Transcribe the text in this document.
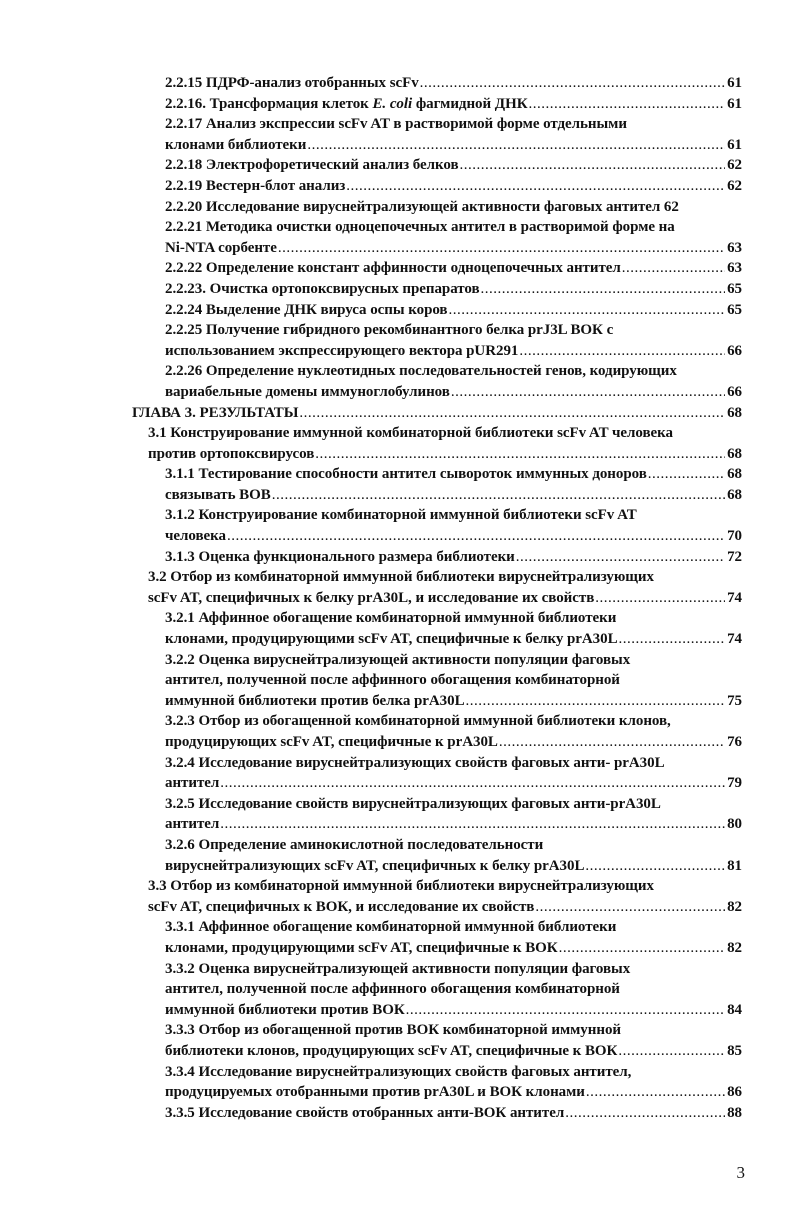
2.2.15 ПДРФ-анализ отобранных scFv .....	61
2.2.16. Трансформация клеток E. coli фагмидной ДНК .....	61
2.2.17 Анализ экспрессии scFv AT в растворимой форме отдельными
клонами библиотеки .....	61
2.2.18 Электрофоретический анализ белков .....	62
2.2.19 Вестерн-блот анализ .....	62
2.2.20 Исследование вируснейтрализующей активности фаговых антител 62
2.2.21 Методика очистки одноцепочечных антител в растворимой форме на
Ni-NTA сорбенте .....	63
2.2.22 Определение констант аффинности одноцепочечных антител .....	63
2.2.23. Очистка ортопоксвирусных препаратов .....	65
2.2.24 Выделение ДНК вируса оспы коров .....	65
2.2.25 Получение гибридного рекомбинантного белка prJ3L ВОК с
использованием экспрессирующего вектора pUR291 .....	66
2.2.26 Определение нуклеотидных последовательностей генов, кодирующих
вариабельные домены иммуноглобулинов .....	66
ГЛАВА 3. РЕЗУЛЬТАТЫ .....	68
3.1 Конструирование иммунной комбинаторной библиотеки scFv AT человека
против ортопоксвирусов .....	68
3.1.1 Тестирование способности антител сывороток иммунных доноров .....	68
связывать ВОВ .....	68
3.1.2 Конструирование комбинаторной иммунной библиотеки scFv AT
человека .....	70
3.1.3 Оценка функционального размера библиотеки .....	72
3.2 Отбор из комбинаторной иммунной библиотеки вируснейтрализующих
scFv AT, специфичных к белку prA30L, и исследование их свойств .....	74
3.2.1 Аффинное обогащение комбинаторной иммунной библиотеки
клонами, продуцирующими scFv AT, специфичные к белку prA30L .....	74
3.2.2 Оценка вируснейтрализующей активности популяции фаговых
антител, полученной после аффинного обогащения комбинаторной
иммунной библиотеки против белка prA30L .....	75
3.2.3 Отбор из обогащенной комбинаторной иммунной библиотеки клонов,
продуцирующих scFv AT, специфичные к prA30L .....	76
3.2.4 Исследование вируснейтрализующих свойств фаговых анти- prA30L
антител .....	79
3.2.5 Исследование свойств вируснейтрализующих фаговых анти-prA30L
антител .....	80
3.2.6 Определение аминокислотной последовательности
вируснейтрализующих scFv AT, специфичных к белку prA30L .....	81
3.3 Отбор из комбинаторной иммунной библиотеки вируснейтрализующих
scFv AT, специфичных к ВОК, и исследование их свойств .....	82
3.3.1 Аффинное обогащение комбинаторной иммунной библиотеки
клонами, продуцирующими scFv AT, специфичные к ВОК .....	82
3.3.2 Оценка вируснейтрализующей активности популяции фаговых
антител, полученной после аффинного обогащения комбинаторной
иммунной библиотеки против ВОК .....	84
3.3.3 Отбор из обогащенной против ВОК комбинаторной иммунной
библиотеки клонов, продуцирующих scFv AT, специфичные к ВОК .....	85
3.3.4 Исследование вируснейтрализующих свойств фаговых антител,
продуцируемых отобранными против prA30L и ВОК клонами .....	86
3.3.5 Исследование свойств отобранных анти-ВОК антител .....	88
3
